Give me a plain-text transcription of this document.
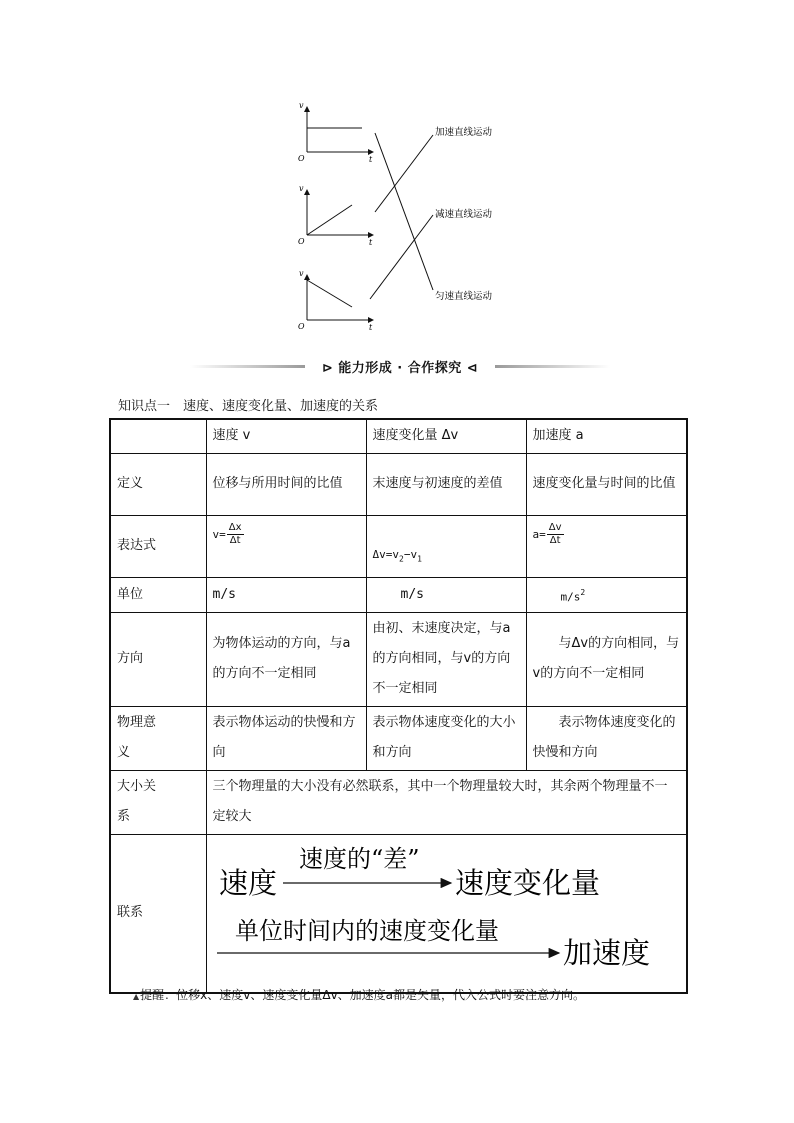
v
t
O
v
t
O
v
t
O
加速直线运动
减速直线运动
匀速直线运动
⊳ 能力形成 · 合作探究 ⊲
知识点一　速度、速度变化量、加速度的关系
	速度 v	速度变化量 Δv	加速度 a
定义	位移与所用时间的比值	末速度与初速度的差值	速度变化量与时间的比值
表达式	$v= \frac{\Delta x}{\Delta t}$	$\Delta v=v_2-v_1$	$a= \frac{\Delta v}{\Delta t}$

单位	m/s	m/s	$m/s^2$
方向	为物体运动的方向，与a的方向不一定相同	由初、末速度决定，与a的方向相同，与v的方向不一定相同	与Δv的方向相同，与v的方向不一定相同
物理意义	表示物体运动的快慢和方向	表示物体速度变化的大小和方向	表示物体速度变化的快慢和方向
大小关系	三个物理量的大小没有必然联系，其中一个物理量较大时，其余两个物理量不一定较大		
联系	速度
速度的“差”
速度变化量
单位时间内的速度变化量
加速度		
▲提醒：位移x、速度v、速度变化量Δv、加速度a都是矢量，代入公式时要注意方向。
